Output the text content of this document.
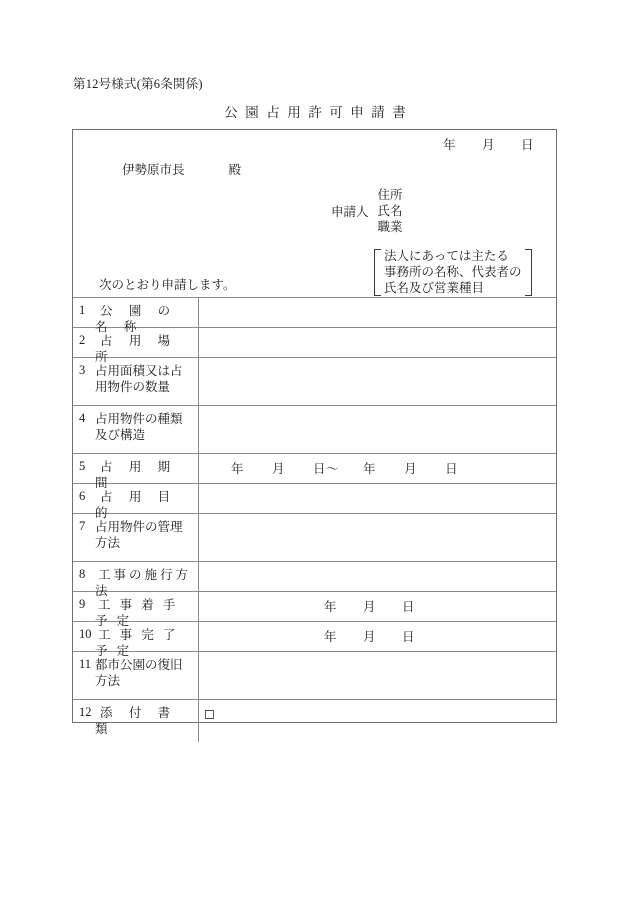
第12号様式(第6条関係)
公園占用許可申請書
年 月 日
伊勢原市長	殿
申請人
住所
氏名
職業
法人にあっては主たる
事務所の名称、代表者の
氏名及び営業種目
次のとおり申請します。
1	公 園 の 名 称
2	占 用 場 所
3 占用面積又は占
用物件の数量
4 占用物件の種類
及び構造
5	占 用 期 間
年 月 日〜 年 月 日
6	占 用 目 的
7 占用物件の管理
方法
8	工事の施行方法
9	工 事 着 手 予 定
年 月 日
10 工 事 完 了 予 定
年 月 日
11 都市公園の復旧
方法
12 添 付 書 類
